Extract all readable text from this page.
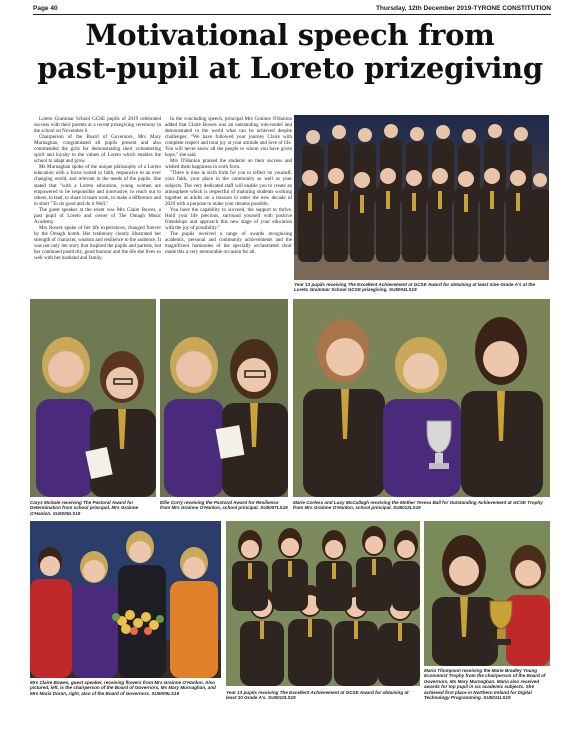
Page 40	Thursday, 12th December 2019-TYRONE CONSTITUTION
Motivational speech from
past-pupil at Loreto prizegiving

Loreto Grammar School GCSE pupils of 2019 celebrated success with their parents at a recent prizegiving ceremony in the school on November 6.

Chairperson of the Board of Governors, Mrs Mary Murnaghan, congratulated all pupils present and also commended the girls for demonstrating their volunteering spirit and loyalty to the values of Loreto which enables the school to adapt and grow.

Ms Murnaghan spoke of the unique philosophy of a Loreto education with a focus rooted in faith, responsive to an ever changing world, and relevant to the needs of the pupils. She stated that "with a Loreto education, young women are empowered to be responsible and innovative, to reach out to others, to lead, to share in team work, to make a difference and in short "To do good and do it Well."

The guest speaker at the event was Mrs Claire Bowes, a past pupil of Loreto and owner of The Omagh Music Academy.

Mrs Bowes spoke of her life experiences, changed forever by the Omagh bomb. Her testimony clearly illustrated her strength of character, wisdom and resilience to the audience. It was not only her story that inspired the pupils and parents, but her continued positivity, good humour and the life she lives so well with her husband and family.

In the concluding speech, principal Mrs Grainne O'Hanlon added that Claire Bowes was an outstanding role-model and demonstrated to the world what can be achieved despite challenges: "We have followed your journey Claire with complete respect and total joy at your attitude and love of life. You will never know all the people to whom you have given hope," she said.

Mrs O'Hanlon praised the students on their success and wished them happiness in sixth form.

"There is time in sixth form for you to reflect on yourself, your faith, your place in the community as well as your subjects. The very dedicated staff will enable you to create an atmosphere which is respectful of maturing students working together as adults on a mission to enter the new decade of 2020 with a purpose to make your dreams possible.

You have the capability to succeed, the support to thrive. Hold your life precious, surround yourself with positive friendships and approach this new stage of your education with the joy of possibility."

The pupils received a range of awards recognising academic, personal and community achievements and the magnificent harmonies of the specially orchestrated choir made this a very memorable occasion for all.

Year 13 pupils receiving The Excellent Achievement at GCSE Award for obtaining at least nine Grade A's at the Loreto Grammar School GCSE prizegiving. SU5004LS19
Carys McGale receiving The Pastoral Award for Determination from school principal, Mrs Grainne O'Hanlon. SU5005LS19
Ellie Corry receiving the Pastoral Award for Resilience from Mrs Grainne O'Hanlon, school principal. SU5007LS19
Marie Corless and Lucy McCullagh receiving the Mother Teresa Ball for Outstanding Achievement at GCSE Trophy from Mrs Grainne O'Hanlon, school principal. SU5012LS19
Mrs Claire Bowes, guest speaker, receiving flowers from Mrs Grainne O'Hanlon. Also pictured, left, is the chairperson of the Board of Governors, Ms Mary Murnaghan, and Mrs Maria Doran, right, also of the Board of Governors. SU5009LS19	Year 13 pupils receiving The Excellent Achievement at GCSE Award for obtaining at least 10 Grade A's. SU5010LS19
Maria Thompson receiving the Marie Bradley Young Economist Trophy from the chairperson of the Board of Governors, Ms Mary Murnaghan. Maria also received awards for top pupil in six academic subjects. She achieved first place in Northern Ireland for Digital Technology Programming. SU5011LS19
